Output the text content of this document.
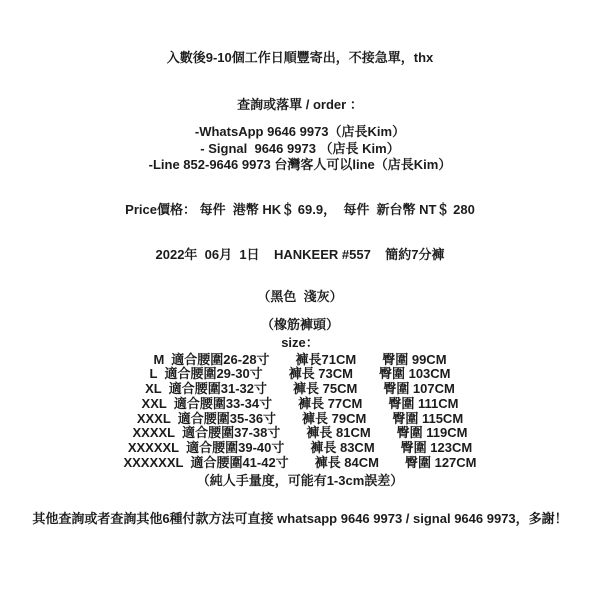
入數後9-10個工作日順豐寄出，不接急單，thx
查詢或落單 / order ：
-WhatsApp 9646 9973（店長Kim）
- Signal  9646 9973 （店長 Kim）
-Line 852-9646 9973 台灣客人可以line（店長Kim）
Price價格： 每件  港幣 HK＄ 69.9，  每件  新台幣 NT＄ 280
2022年  06月  1日    HANKEER #557    簡約7分褲
（黑色  淺灰）
（橡筋褲頭）
size：
M 適合腰圍26-28寸 褲長71CM 臀圍 99CM
L 適合腰圍29-30寸 褲長 73CM 臀圍 103CM
XL 適合腰圍31-32寸 褲長 75CM 臀圍 107CM
XXL 適合腰圍33-34寸 褲長 77CM 臀圍 111CM
XXXL 適合腰圍35-36寸 褲長 79CM 臀圍 115CM
XXXXL 適合腰圍37-38寸 褲長 81CM 臀圍 119CM
XXXXXL 適合腰圍39-40寸 褲長 83CM 臀圍 123CM
XXXXXXL 適合腰圍41-42寸 褲長 84CM 臀圍 127CM
（純人手量度，可能有1-3cm誤差）
其他查詢或者查詢其他6種付款方法可直接 whatsapp 9646 9973 / signal 9646 9973，多謝！
